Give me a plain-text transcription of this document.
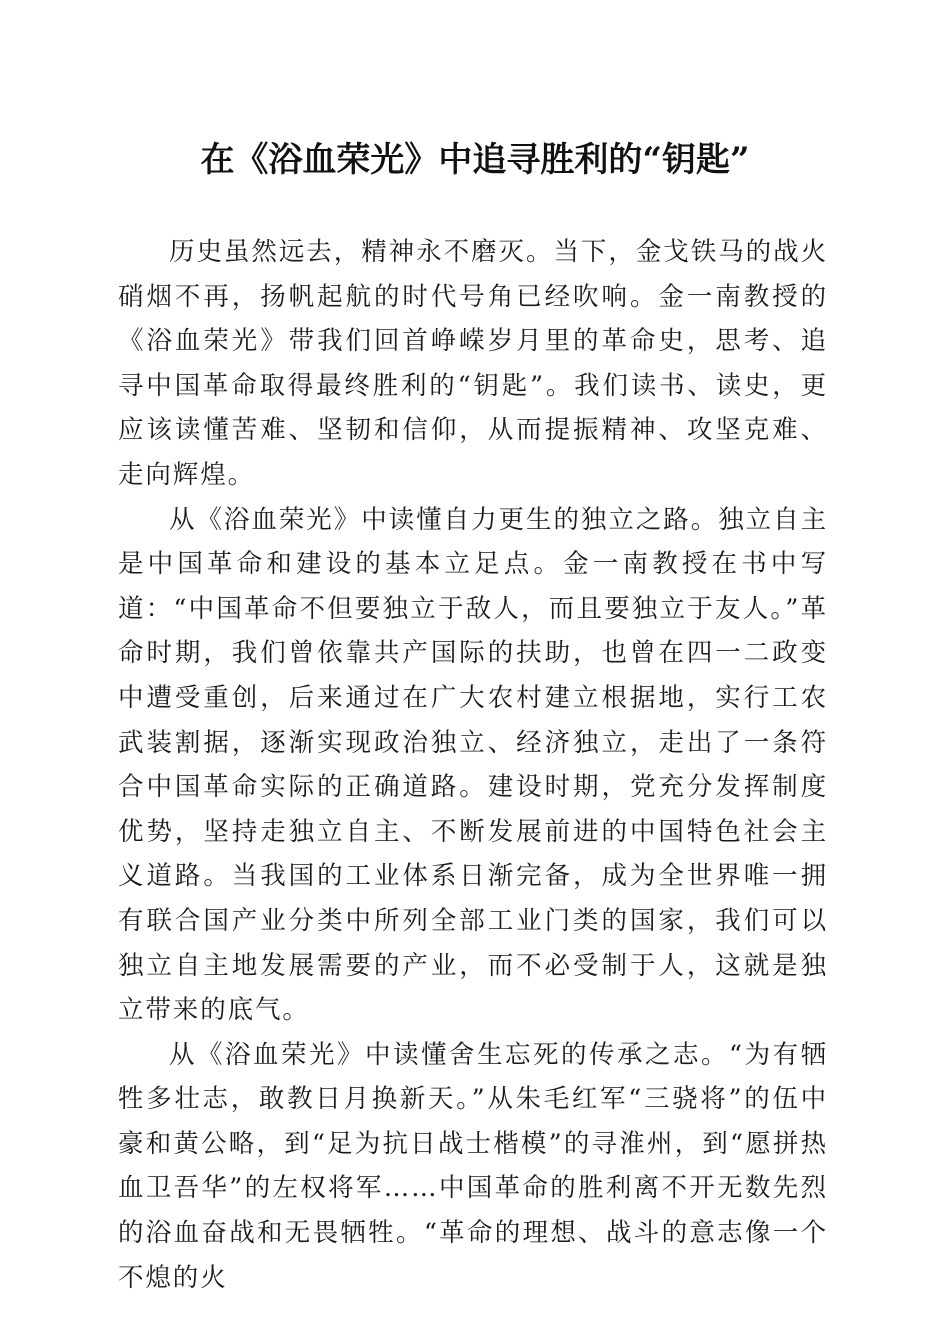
在《浴血荣光》中追寻胜利的“钥匙”

历史虽然远去，精神永不磨灭。当下，金戈铁马的战火硝烟不再，扬帆起航的时代号角已经吹响。金一南教授的《浴血荣光》带我们回首峥嵘岁月里的革命史，思考、追寻中国革命取得最终胜利的“钥匙”。我们读书、读史，更应该读懂苦难、坚韧和信仰，从而提振精神、攻坚克难、走向辉煌。

从《浴血荣光》中读懂自力更生的独立之路。独立自主是中国革命和建设的基本立足点。金一南教授在书中写道：“中国革命不但要独立于敌人，而且要独立于友人。”革命时期，我们曾依靠共产国际的扶助，也曾在四一二政变中遭受重创，后来通过在广大农村建立根据地，实行工农武装割据，逐渐实现政治独立、经济独立，走出了一条符合中国革命实际的正确道路。建设时期，党充分发挥制度优势，坚持走独立自主、不断发展前进的中国特色社会主义道路。当我国的工业体系日渐完备，成为全世界唯一拥有联合国产业分类中所列全部工业门类的国家，我们可以独立自主地发展需要的产业，而不必受制于人，这就是独立带来的底气。

从《浴血荣光》中读懂舍生忘死的传承之志。“为有牺牲多壮志，敢教日月换新天。”从朱毛红军“三骁将”的伍中豪和黄公略，到“足为抗日战士楷模”的寻淮州，到“愿拼热血卫吾华”的左权将军……中国革命的胜利离不开无数先烈的浴血奋战和无畏牺牲。“革命的理想、战斗的意志像一个不熄的火
